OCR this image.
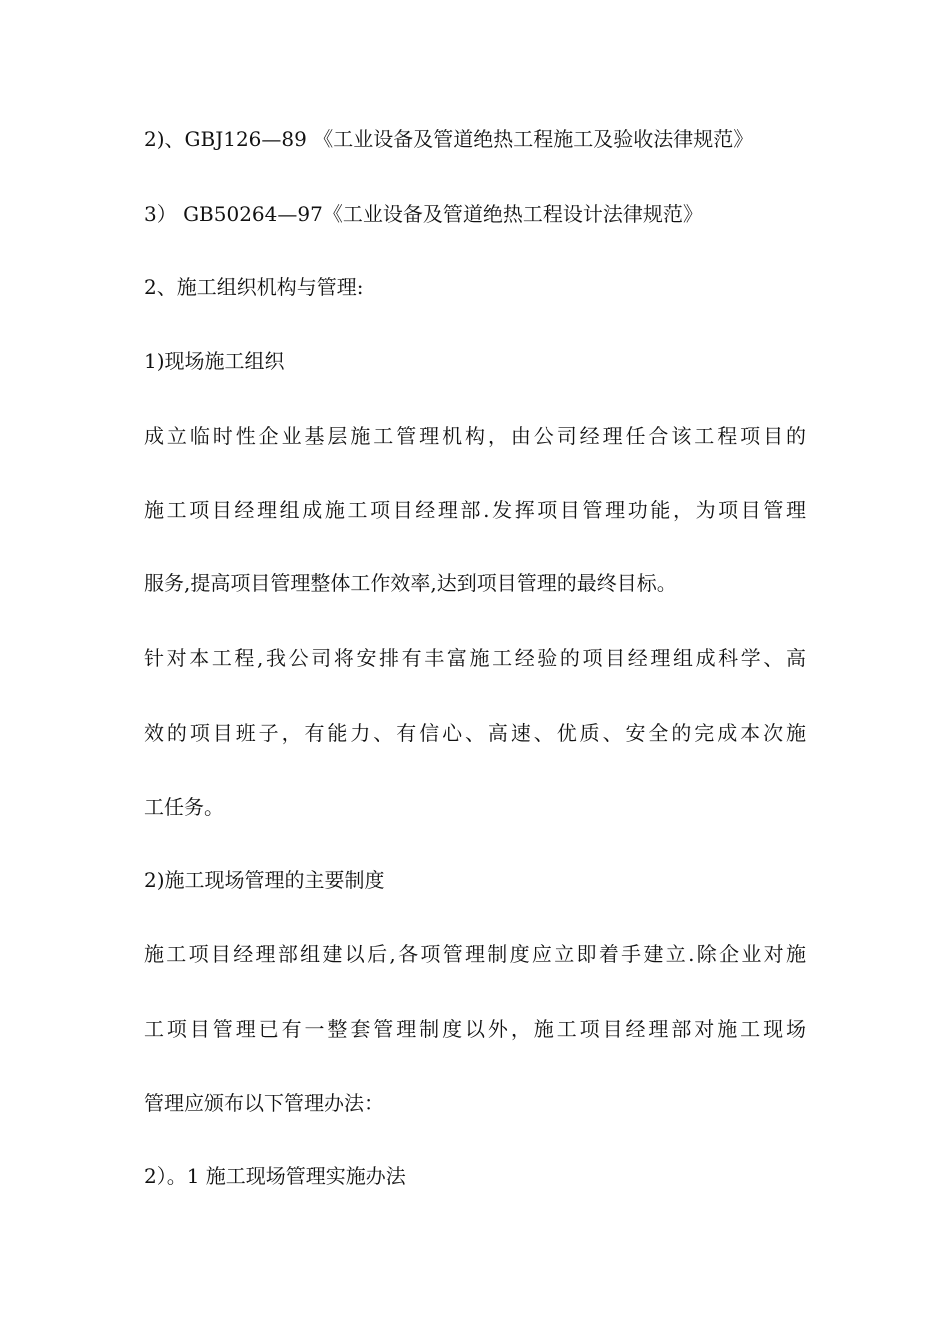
2)、GBJ126—89 《工业设备及管道绝热工程施工及验收法律规范》
3） GB50264—97《工业设备及管道绝热工程设计法律规范》
2、施工组织机构与管理:
1)现场施工组织
成立临时性企业基层施工管理机构，由公司经理任合该工程项目的
施工项目经理组成施工项目经理部.发挥项目管理功能，为项目管理
服务,提高项目管理整体工作效率,达到项目管理的最终目标。
针对本工程,我公司将安排有丰富施工经验的项目经理组成科学、高
效的项目班子，有能力、有信心、高速、优质、安全的完成本次施
工任务。
2)施工现场管理的主要制度
施工项目经理部组建以后,各项管理制度应立即着手建立.除企业对施
工项目管理已有一整套管理制度以外，施工项目经理部对施工现场
管理应颁布以下管理办法：
2）。1 施工现场管理实施办法
